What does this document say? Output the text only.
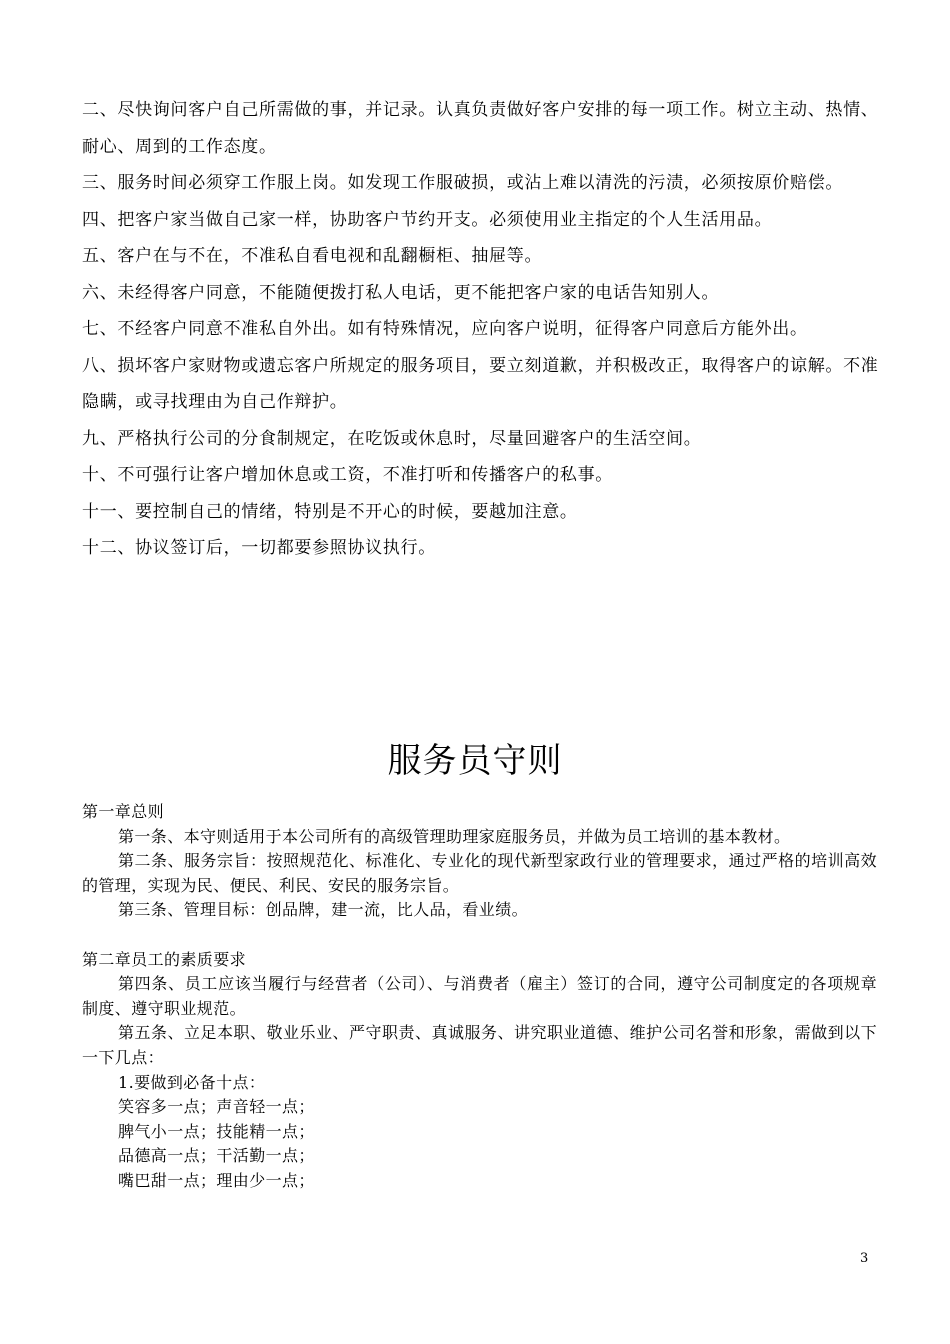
二、尽快询问客户自己所需做的事，并记录。认真负责做好客户安排的每一项工作。树立主动、热情、耐心、周到的工作态度。

三、服务时间必须穿工作服上岗。如发现工作服破损，或沾上难以清洗的污渍，必须按原价赔偿。

四、把客户家当做自己家一样，协助客户节约开支。必须使用业主指定的个人生活用品。

五、客户在与不在，不准私自看电视和乱翻橱柜、抽屉等。

六、未经得客户同意，不能随便拨打私人电话，更不能把客户家的电话告知别人。

七、不经客户同意不准私自外出。如有特殊情况，应向客户说明，征得客户同意后方能外出。

八、损坏客户家财物或遗忘客户所规定的服务项目，要立刻道歉，并积极改正，取得客户的谅解。不准隐瞒，或寻找理由为自己作辩护。

九、严格执行公司的分食制规定，在吃饭或休息时，尽量回避客户的生活空间。

十、不可强行让客户增加休息或工资，不准打听和传播客户的私事。

十一、要控制自己的情绪，特别是不开心的时候，要越加注意。

十二、协议签订后，一切都要参照协议执行。

服务员守则

第一章总则

第一条、本守则适用于本公司所有的高级管理助理家庭服务员，并做为员工培训的基本教材。

第二条、服务宗旨：按照规范化、标准化、专业化的现代新型家政行业的管理要求，通过严格的培训高效的管理，实现为民、便民、利民、安民的服务宗旨。

第三条、管理目标：创品牌，建一流，比人品，看业绩。

第二章员工的素质要求

第四条、员工应该当履行与经营者（公司）、与消费者（雇主）签订的合同，遵守公司制度定的各项规章制度、遵守职业规范。

第五条、立足本职、敬业乐业、严守职责、真诚服务、讲究职业道德、维护公司名誉和形象，需做到以下一下几点：

1.要做到必备十点：

笑容多一点；声音轻一点；

脾气小一点；技能精一点；

品德高一点；干活勤一点；

嘴巴甜一点；理由少一点；

3
